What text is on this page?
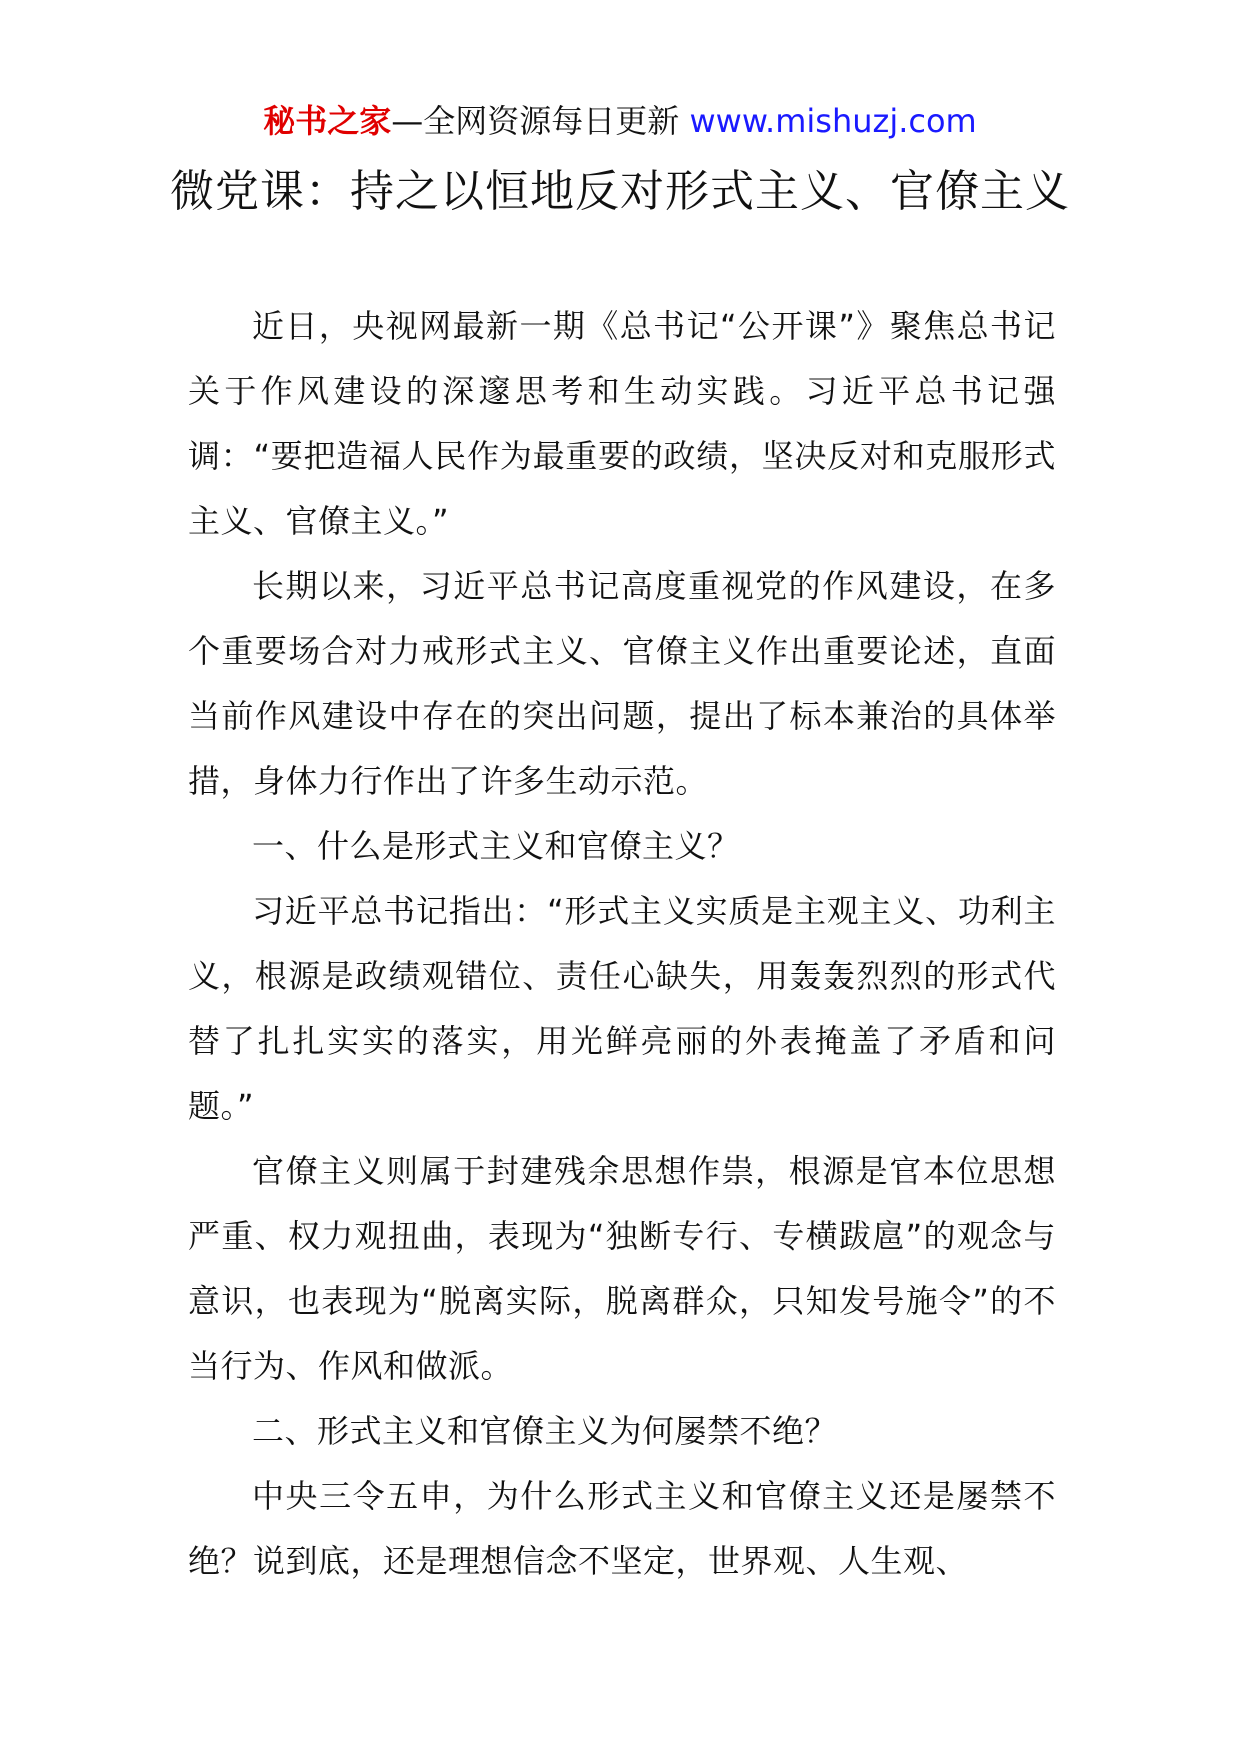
秘书之家—全网资源每日更新 www.mishuzj.com
微党课：持之以恒地反对形式主义、官僚主义

近日，央视网最新一期《总书记“公开课”》聚焦总书记关于作风建设的深邃思考和生动实践。习近平总书记强调：“要把造福人民作为最重要的政绩，坚决反对和克服形式主义、官僚主义。”

长期以来，习近平总书记高度重视党的作风建设，在多个重要场合对力戒形式主义、官僚主义作出重要论述，直面当前作风建设中存在的突出问题，提出了标本兼治的具体举措，身体力行作出了许多生动示范。

一、什么是形式主义和官僚主义？

习近平总书记指出：“形式主义实质是主观主义、功利主义，根源是政绩观错位、责任心缺失，用轰轰烈烈的形式代替了扎扎实实的落实，用光鲜亮丽的外表掩盖了矛盾和问题。”

官僚主义则属于封建残余思想作祟，根源是官本位思想严重、权力观扭曲，表现为“独断专行、专横跋扈”的观念与意识，也表现为“脱离实际，脱离群众，只知发号施令”的不当行为、作风和做派。

二、形式主义和官僚主义为何屡禁不绝？

中央三令五申，为什么形式主义和官僚主义还是屡禁不绝？说到底，还是理想信念不坚定，世界观、人生观、
